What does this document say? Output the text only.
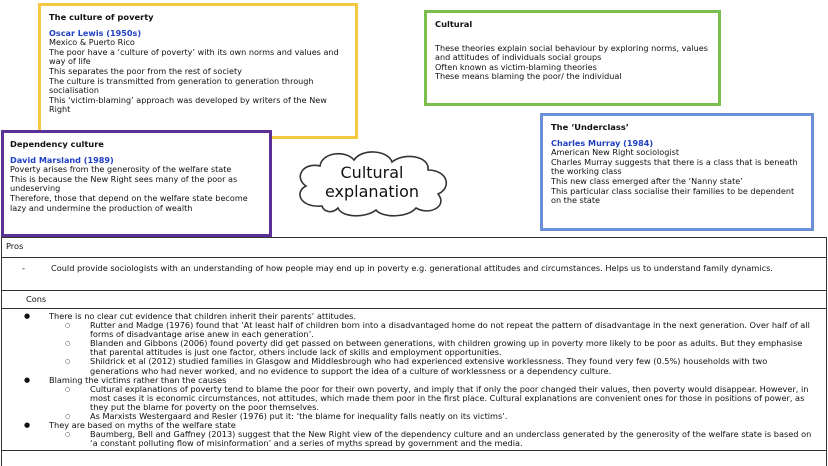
The culture of poverty
Oscar Lewis (1950s)

Mexico & Puerto Rico

The poor have a ‘culture of poverty’ with its own norms and values and way of life

This separates the poor from the rest of society

The culture is transmitted from generation to generation through socialisation

This ‘victim-blaming’ approach was developed by writers of the New Right

Dependency culture
David Marsland (1989)

Poverty arises from the generosity of the welfare state

This is because the New Right sees many of the poor as undeserving

Therefore, those that depend on the welfare state become lazy and undermine the production of wealth

Cultural

These theories explain social behaviour by exploring norms, values and attitudes of individuals social groups

Often known as victim-blaming theories

These means blaming the poor/ the individual

The ‘Underclass’
Charles Murray (1984)

American New Right sociologist

Charles Murray suggests that there is a class that is beneath the working class

This new class emerged after the ‘Nanny state’

This particular class socialise their families to be dependent on the state

Cultural
explanation
Pros
-	Could provide sociologists with an understanding of how people may end up in poverty e.g. generational attitudes and circumstances. Helps us to understand family dynamics.
Cons
● There is no clear cut evidence that children inherit their parents’ attitudes.
○ Rutter and Madge (1976) found that ‘At least half of children born into a disadvantaged home do not repeat the pattern of disadvantage in the next generation. Over half of all forms of disadvantage arise anew in each generation’.
○ Blanden and Gibbons (2006) found poverty did get passed on between generations, with children growing up in poverty more likely to be poor as adults. But they emphasise that parental attitudes is just one factor, others include lack of skills and employment opportunities.
○ Shildrick et al (2012) studied families in Glasgow and Middlesbrough who had experienced extensive worklessness. They found very few (0.5%) households with two generations who had never worked, and no evidence to support the idea of a culture of worklessness or a dependency culture.
● Blaming the victims rather than the causes
○ Cultural explanations of poverty tend to blame the poor for their own poverty, and imply that if only the poor changed their values, then poverty would disappear. However, in most cases it is economic circumstances, not attitudes, which made them poor in the first place. Cultural explanations are convenient ones for those in positions of power, as they put the blame for poverty on the poor themselves.
○ As Marxists Westergaard and Resler (1976) put it: ‘the blame for inequality falls neatly on its victims’.
● They are based on myths of the welfare state
○ Baumberg, Bell and Gaffney (2013) suggest that the New Right view of the dependency culture and an underclass generated by the generosity of the welfare state is based on ‘a constant polluting flow of misinformation’ and a series of myths spread by government and the media.
